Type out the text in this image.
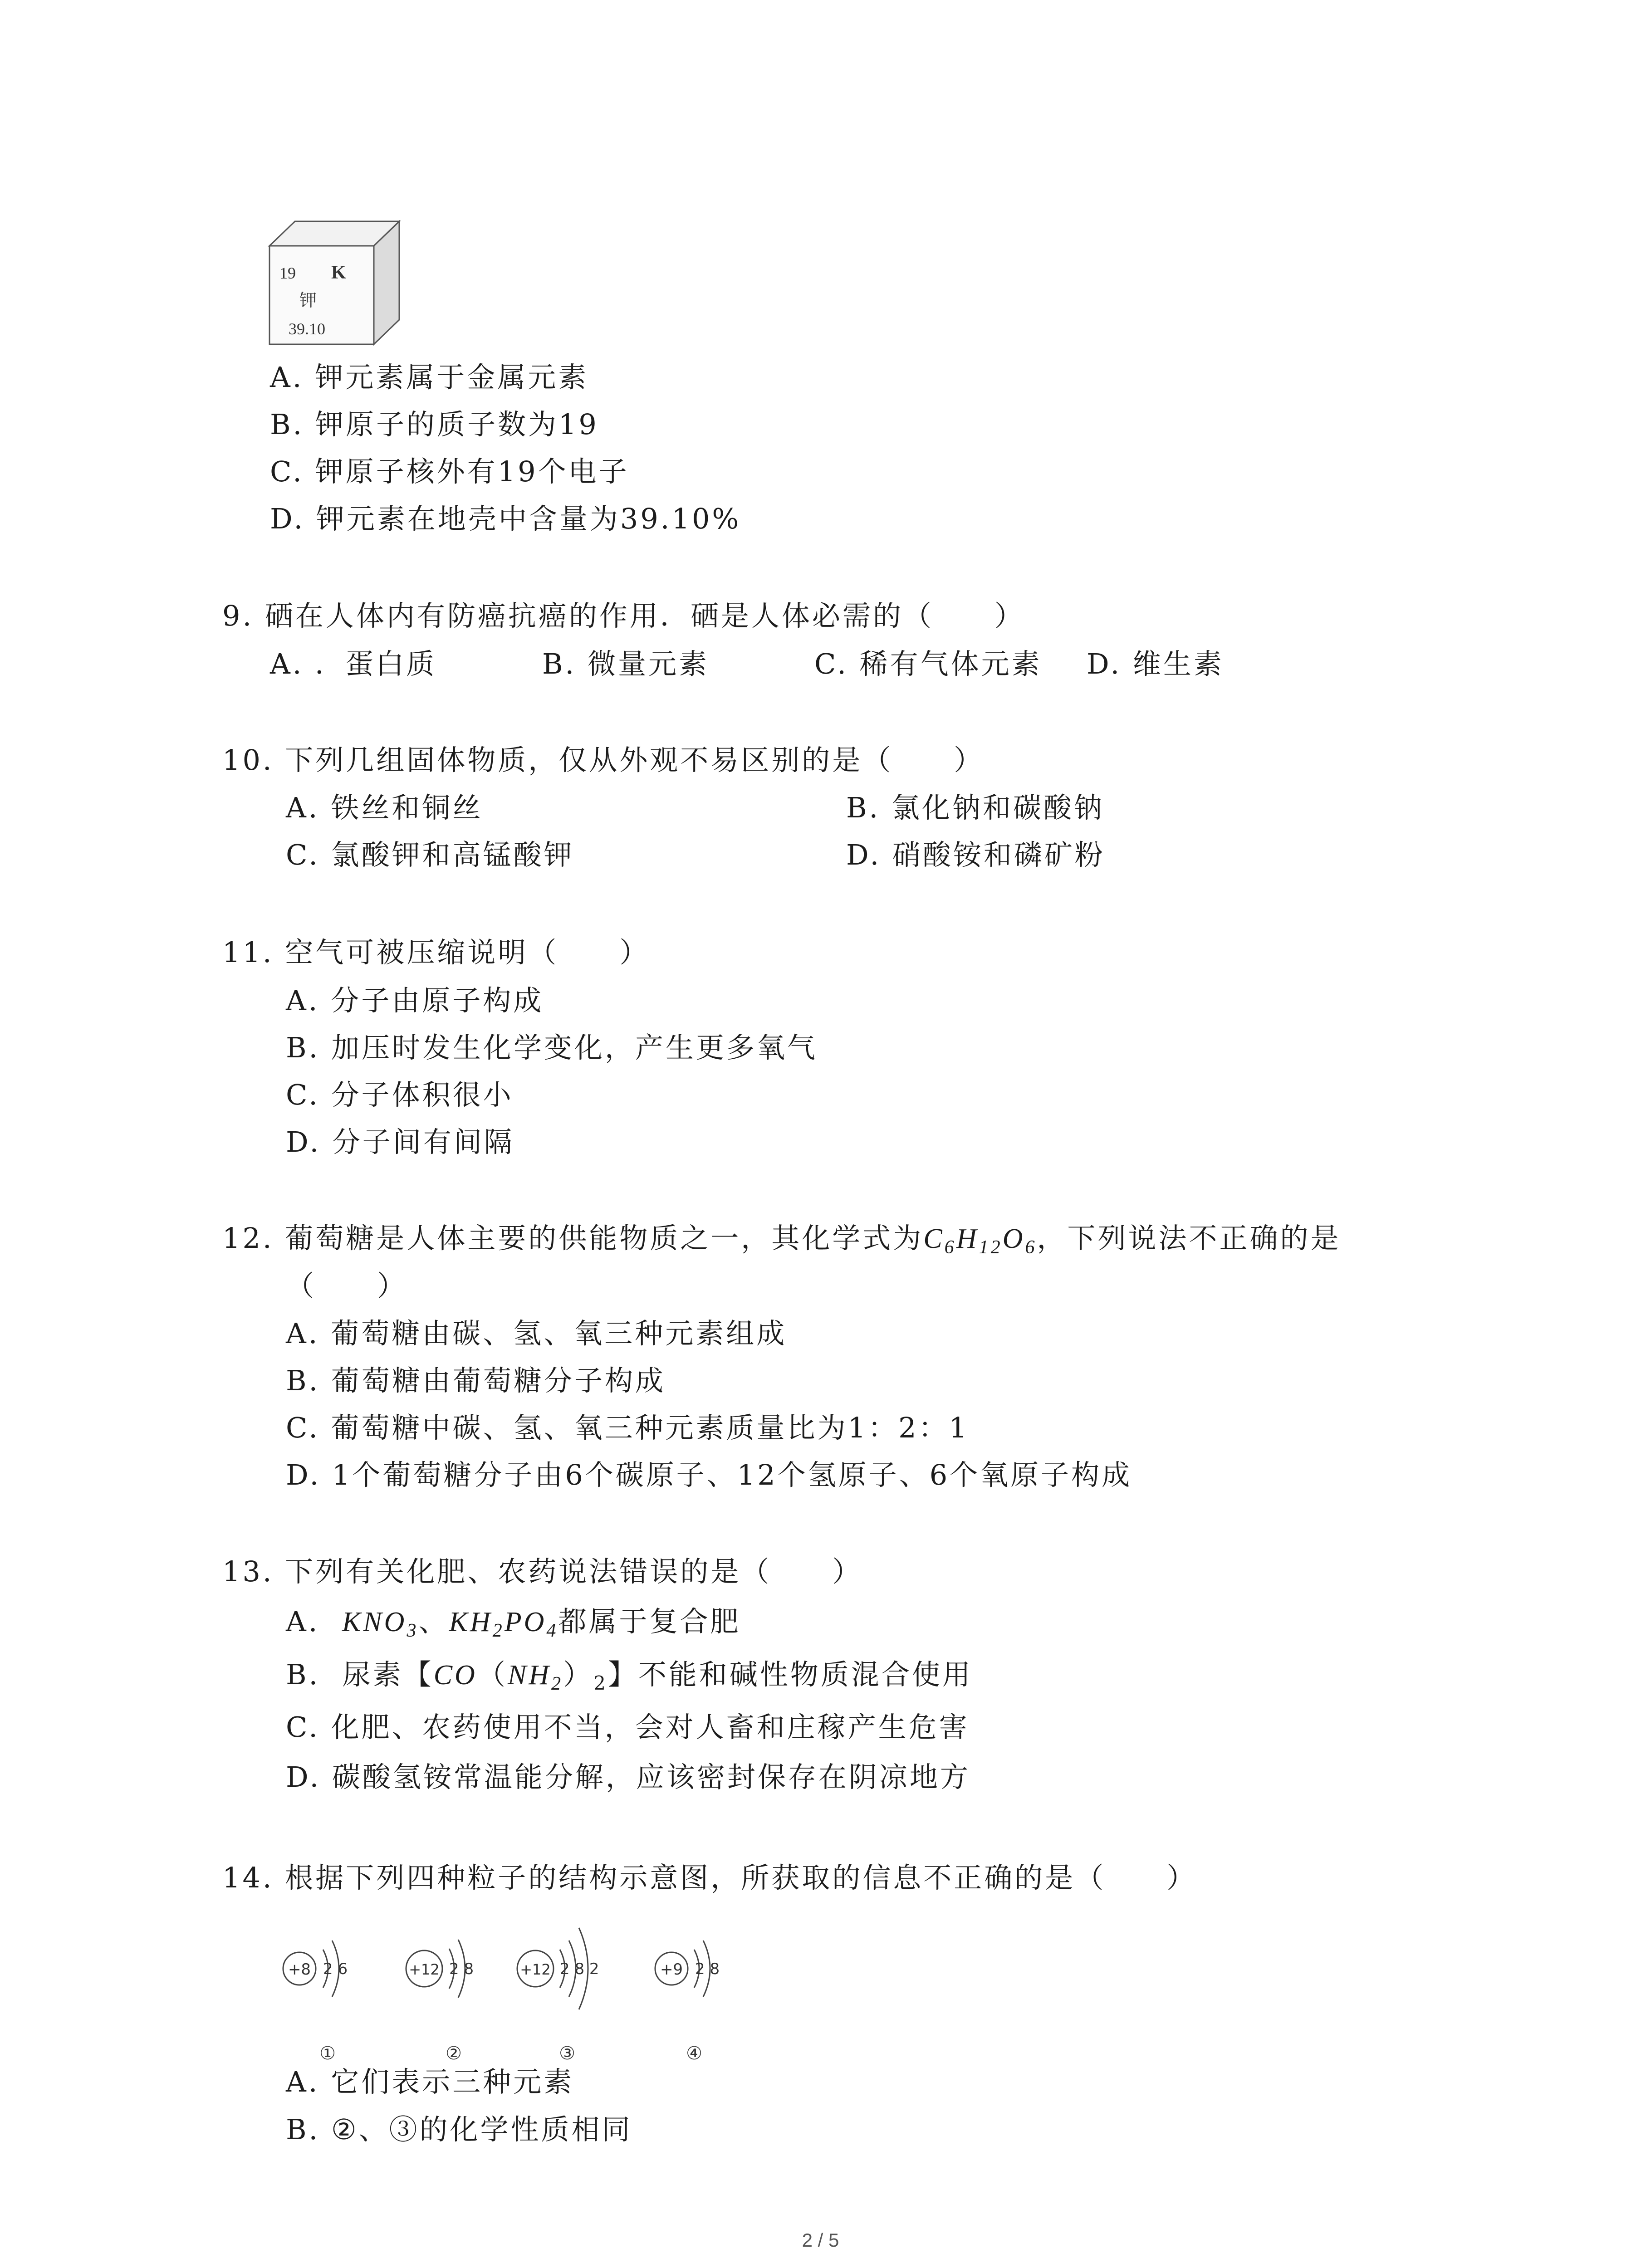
19 K
钾
39.10
A. 钾元素属于金属元素
B. 钾原子的质子数为19
C. 钾原子核外有19个电子
D. 钾元素在地壳中含量为39.10%
9. 硒在人体内有防癌抗癌的作用．硒是人体必需的（　　）
A. ．蛋白质	B. 微量元素	C. 稀有气体元素 D. 维生素
10. 下列几组固体物质，仅从外观不易区别的是（　　）
A. 铁丝和铜丝	B. 氯化钠和碳酸钠
C. 氯酸钾和高锰酸钾	D. 硝酸铵和磷矿粉
11. 空气可被压缩说明（　　）
A. 分子由原子构成
B. 加压时发生化学变化，产生更多氧气
C. 分子体积很小
D. 分子间有间隔
12. 葡萄糖是人体主要的供能物质之一，其化学式为$C_6H_{12}O_6$，下列说法不正确的是
（　　）
A. 葡萄糖由碳、氢、氧三种元素组成
B. 葡萄糖由葡萄糖分子构成
C. 葡萄糖中碳、氢、氧三种元素质量比为1：2：1
D. 1个葡萄糖分子由6个碳原子、12个氢原子、6个氧原子构成
13. 下列有关化肥、农药说法错误的是（　　）
A.  $KNO_3$、$KH_2PO_4$都属于复合肥
B.  尿素【$CO(NH_2)_2$】不能和碱性物质混合使用
C. 化肥、农药使用不当，会对人畜和庄稼产生危害
D. 碳酸氢铵常温能分解，应该密封保存在阴凉地方
14. 根据下列四种粒子的结构示意图，所获取的信息不正确的是（　　）
+8 2 6
①
+12 2 8
②
+12 2 8 2
③
+9 2 8
④
A. 它们表示三种元素
B. ②、③的化学性质相同
2 / 5
